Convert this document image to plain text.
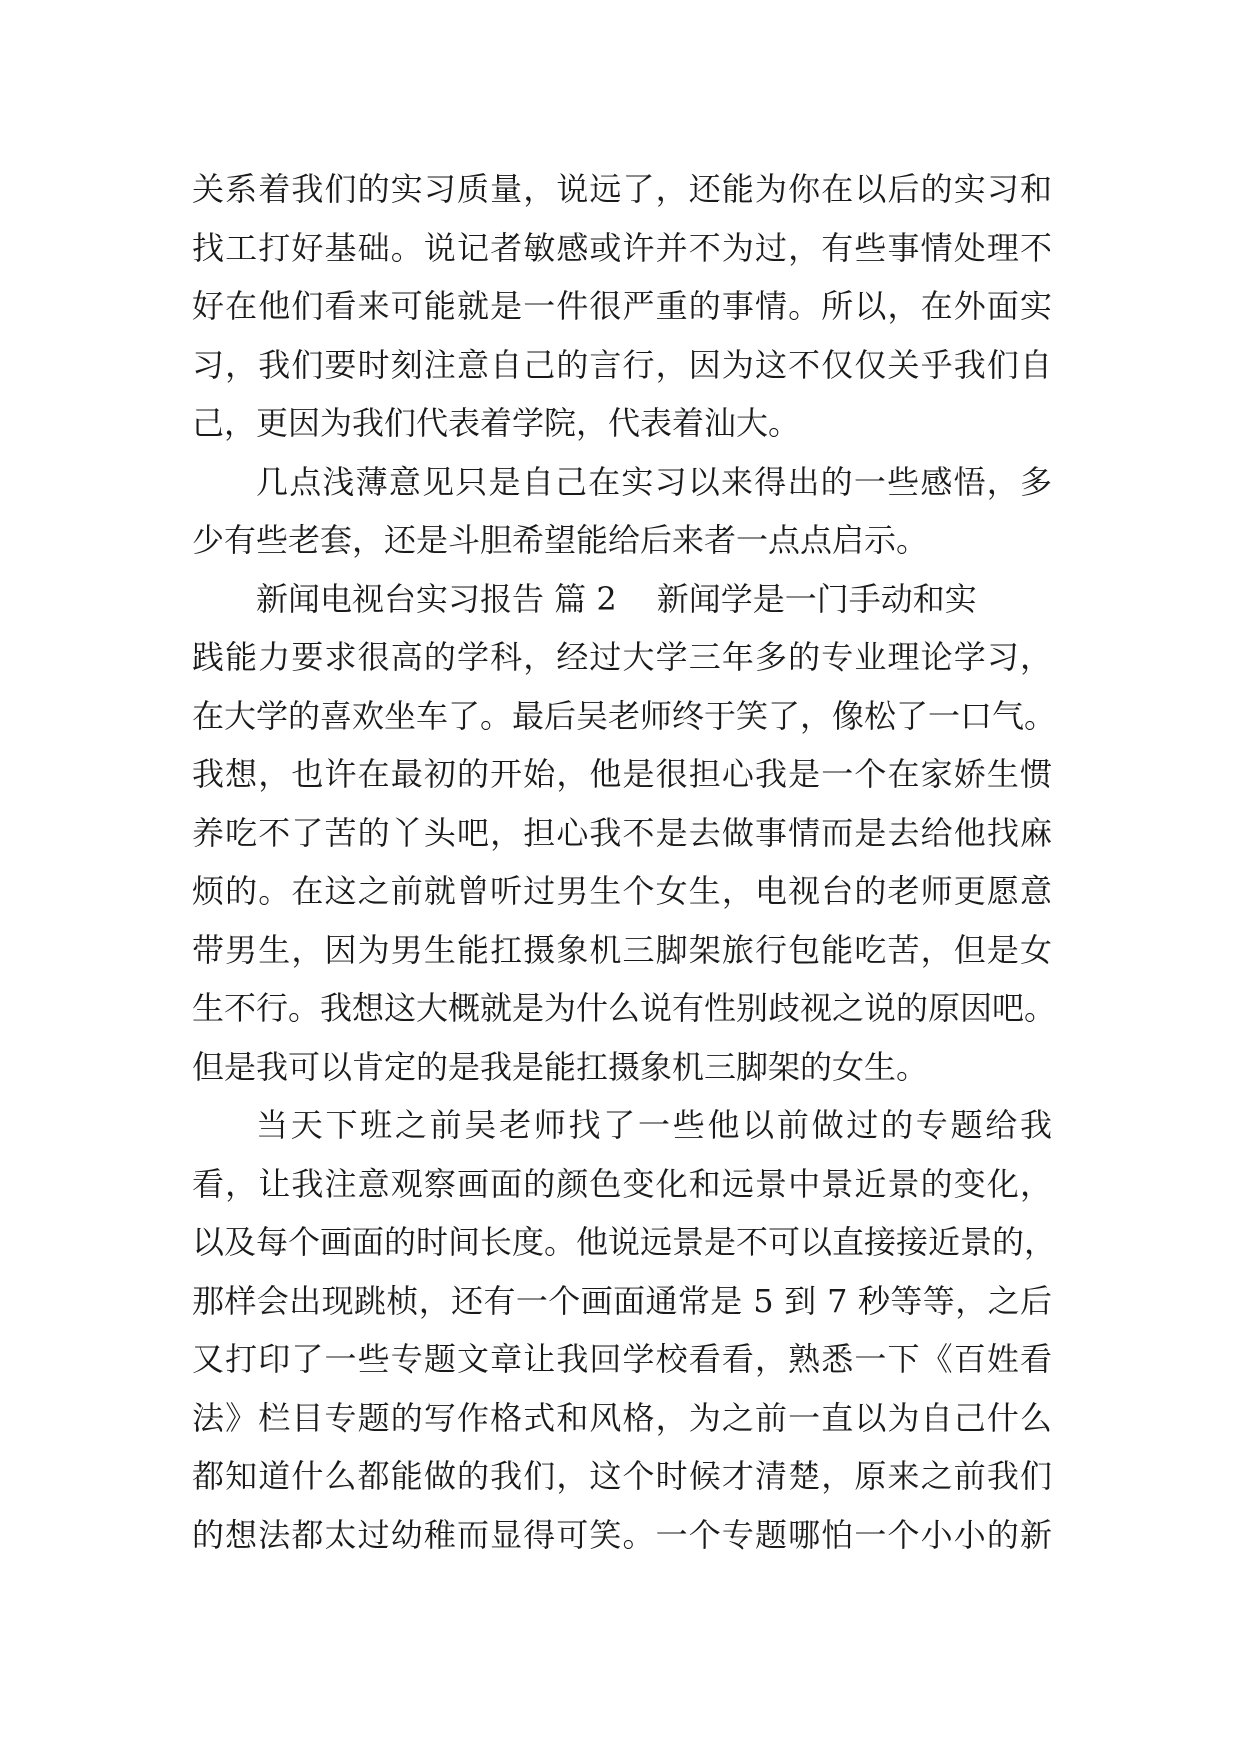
关系着我们的实习质量，说远了，还能为你在以后的实习和
找工打好基础。说记者敏感或许并不为过，有些事情处理不
好在他们看来可能就是一件很严重的事情。所以，在外面实
习，我们要时刻注意自己的言行，因为这不仅仅关乎我们自
己，更因为我们代表着学院，代表着汕大。
几点浅薄意见只是自己在实习以来得出的一些感悟，多
少有些老套，还是斗胆希望能给后来者一点点启示。
新闻电视台实习报告 篇 2 新闻学是一门手动和实
践能力要求很高的学科，经过大学三年多的专业理论学习，
在大学的喜欢坐车了。最后吴老师终于笑了，像松了一口气。
我想，也许在最初的开始，他是很担心我是一个在家娇生惯
养吃不了苦的丫头吧，担心我不是去做事情而是去给他找麻
烦的。在这之前就曾听过男生个女生，电视台的老师更愿意
带男生，因为男生能扛摄象机三脚架旅行包能吃苦，但是女
生不行。我想这大概就是为什么说有性别歧视之说的原因吧。
但是我可以肯定的是我是能扛摄象机三脚架的女生。
当天下班之前吴老师找了一些他以前做过的专题给我
看，让我注意观察画面的颜色变化和远景中景近景的变化，
以及每个画面的时间长度。他说远景是不可以直接接近景的，
那样会出现跳桢，还有一个画面通常是 5 到 7 秒等等，之后
又打印了一些专题文章让我回学校看看，熟悉一下《百姓看
法》栏目专题的写作格式和风格，为之前一直以为自己什么
都知道什么都能做的我们，这个时候才清楚，原来之前我们
的想法都太过幼稚而显得可笑。一个专题哪怕一个小小的新
